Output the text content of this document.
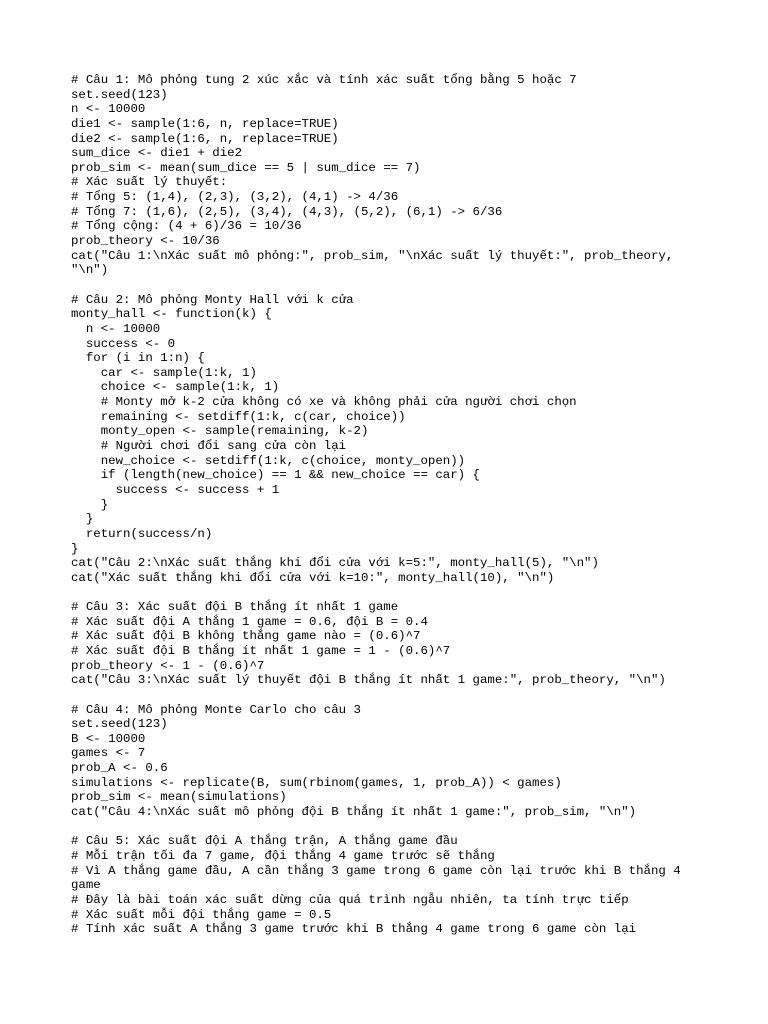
# Câu 1: Mô phỏng tung 2 xúc xắc và tính xác suất tổng bằng 5 hoặc 7
set.seed(123)
n <- 10000
die1 <- sample(1:6, n, replace=TRUE)
die2 <- sample(1:6, n, replace=TRUE)
sum_dice <- die1 + die2
prob_sim <- mean(sum_dice == 5 | sum_dice == 7)
# Xác suất lý thuyết:
# Tổng 5: (1,4), (2,3), (3,2), (4,1) -> 4/36
# Tổng 7: (1,6), (2,5), (3,4), (4,3), (5,2), (6,1) -> 6/36
# Tổng cộng: (4 + 6)/36 = 10/36
prob_theory <- 10/36
cat("Câu 1:\nXác suất mô phỏng:", prob_sim, "\nXác suất lý thuyết:", prob_theory,
"\n")
# Câu 2: Mô phỏng Monty Hall với k cửa
monty_hall <- function(k) {
n <- 10000
success <- 0
for (i in 1:n) {
car <- sample(1:k, 1)
choice <- sample(1:k, 1)
# Monty mở k-2 cửa không có xe và không phải cửa người chơi chọn
remaining <- setdiff(1:k, c(car, choice))
monty_open <- sample(remaining, k-2)
# Người chơi đổi sang cửa còn lại
new_choice <- setdiff(1:k, c(choice, monty_open))
if (length(new_choice) == 1 && new_choice == car) {
success <- success + 1
}
}
return(success/n)
}
cat("Câu 2:\nXác suất thắng khi đổi cửa với k=5:", monty_hall(5), "\n")
cat("Xác suất thắng khi đổi cửa với k=10:", monty_hall(10), "\n")
# Câu 3: Xác suất đội B thắng ít nhất 1 game
# Xác suất đội A thắng 1 game = 0.6, đội B = 0.4
# Xác suất đội B không thắng game nào = (0.6)^7
# Xác suất đội B thắng ít nhất 1 game = 1 - (0.6)^7
prob_theory <- 1 - (0.6)^7
cat("Câu 3:\nXác suất lý thuyết đội B thắng ít nhất 1 game:", prob_theory, "\n")
# Câu 4: Mô phỏng Monte Carlo cho câu 3
set.seed(123)
B <- 10000
games <- 7
prob_A <- 0.6
simulations <- replicate(B, sum(rbinom(games, 1, prob_A)) < games)
prob_sim <- mean(simulations)
cat("Câu 4:\nXác suất mô phỏng đội B thắng ít nhất 1 game:", prob_sim, "\n")
# Câu 5: Xác suất đội A thắng trận, A thắng game đầu
# Mỗi trận tối đa 7 game, đội thắng 4 game trước sẽ thắng
# Vì A thắng game đầu, A cần thắng 3 game trong 6 game còn lại trước khi B thắng 4
game
# Đây là bài toán xác suất dừng của quá trình ngẫu nhiên, ta tính trực tiếp
# Xác suất mỗi đội thắng game = 0.5
# Tính xác suất A thắng 3 game trước khi B thắng 4 game trong 6 game còn lại
